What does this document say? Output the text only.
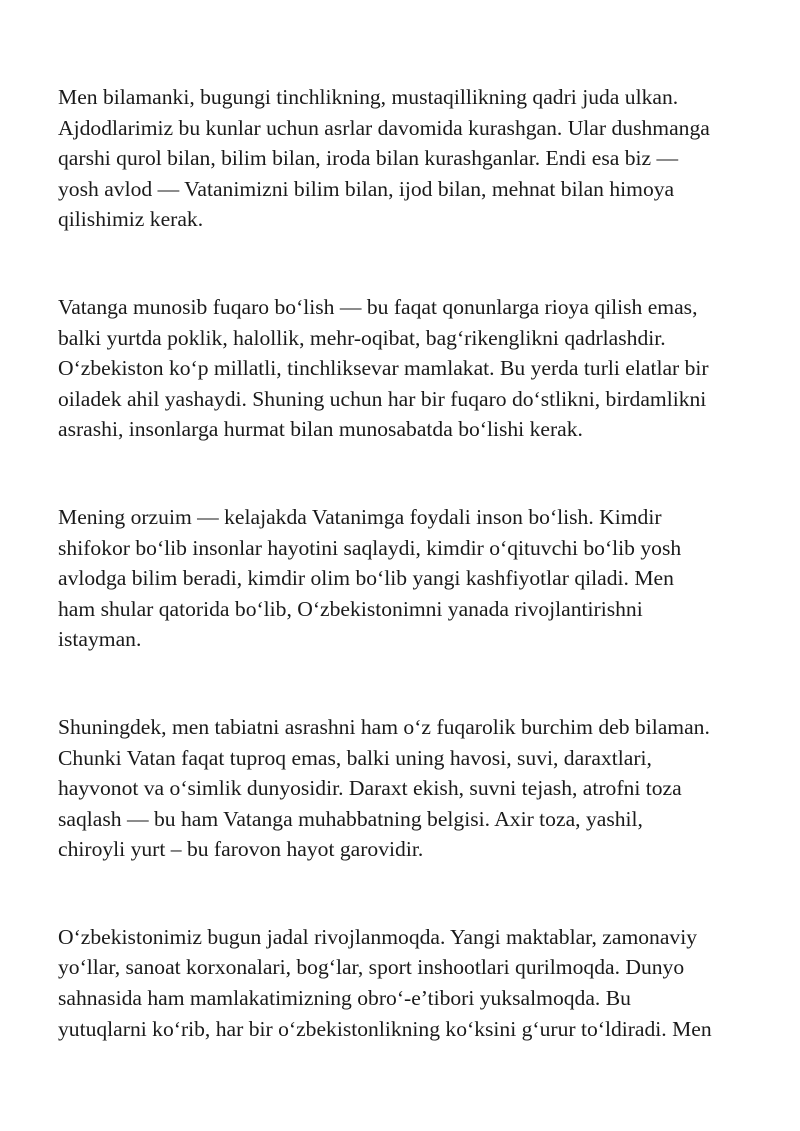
Men bilamanki, bugungi tinchlikning, mustaqillikning qadri juda ulkan.
Ajdodlarimiz bu kunlar uchun asrlar davomida kurashgan. Ular dushmanga
qarshi qurol bilan, bilim bilan, iroda bilan kurashganlar. Endi esa biz —
yosh avlod — Vatanimizni bilim bilan, ijod bilan, mehnat bilan himoya
qilishimiz kerak.

Vatanga munosib fuqaro bo‘lish — bu faqat qonunlarga rioya qilish emas,
balki yurtda poklik, halollik, mehr-oqibat, bag‘rikenglikni qadrlashdir.
O‘zbekiston ko‘p millatli, tinchliksevar mamlakat. Bu yerda turli elatlar bir
oiladek ahil yashaydi. Shuning uchun har bir fuqaro do‘stlikni, birdamlikni
asrashi, insonlarga hurmat bilan munosabatda bo‘lishi kerak.

Mening orzuim — kelajakda Vatanimga foydali inson bo‘lish. Kimdir
shifokor bo‘lib insonlar hayotini saqlaydi, kimdir o‘qituvchi bo‘lib yosh
avlodga bilim beradi, kimdir olim bo‘lib yangi kashfiyotlar qiladi. Men
ham shular qatorida bo‘lib, O‘zbekistonimni yanada rivojlantirishni
istayman.

Shuningdek, men tabiatni asrashni ham o‘z fuqarolik burchim deb bilaman.
Chunki Vatan faqat tuproq emas, balki uning havosi, suvi, daraxtlari,
hayvonot va o‘simlik dunyosidir. Daraxt ekish, suvni tejash, atrofni toza
saqlash — bu ham Vatanga muhabbatning belgisi. Axir toza, yashil,
chiroyli yurt – bu farovon hayot garovidir.

O‘zbekistonimiz bugun jadal rivojlanmoqda. Yangi maktablar, zamonaviy
yo‘llar, sanoat korxonalari, bog‘lar, sport inshootlari qurilmoqda. Dunyo
sahnasida ham mamlakatimizning obro‘-e’tibori yuksalmoqda. Bu
yutuqlarni ko‘rib, har bir o‘zbekistonlikning ko‘ksini g‘urur to‘ldiradi. Men
